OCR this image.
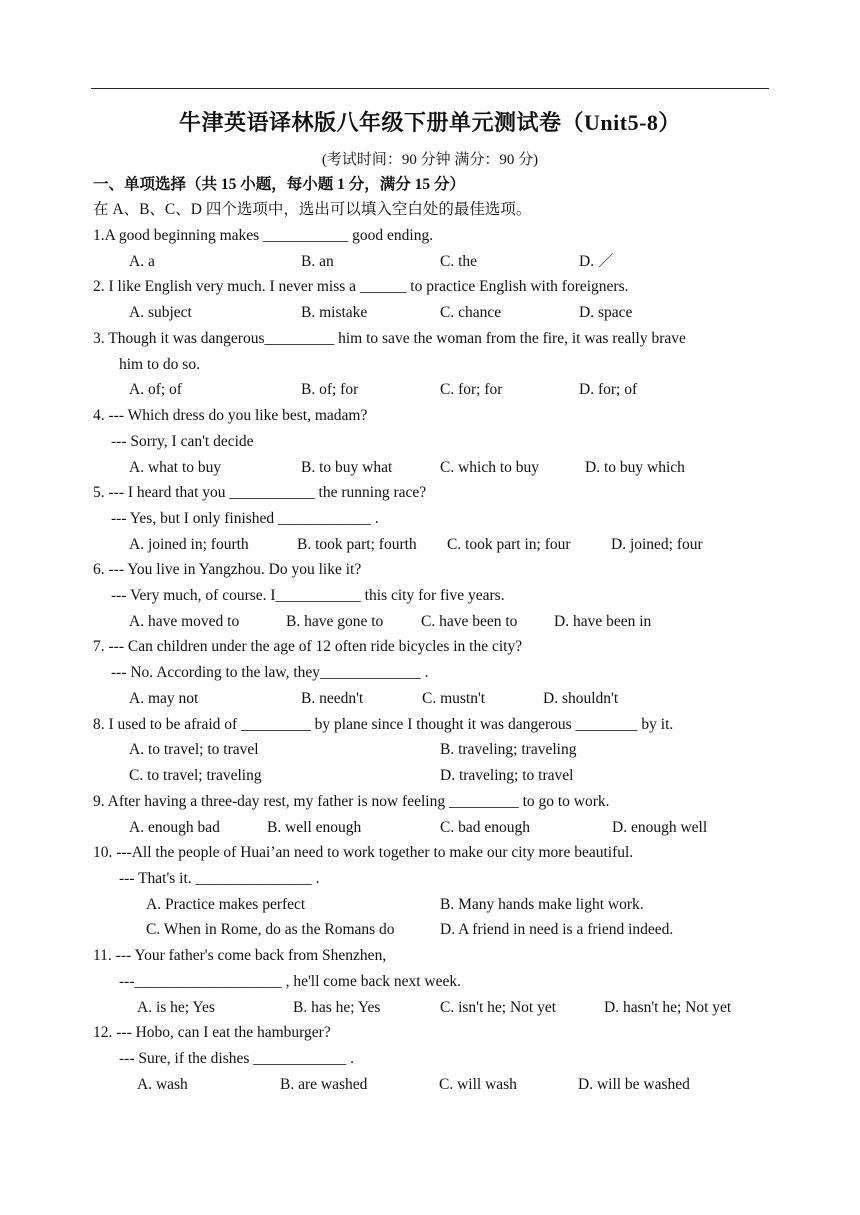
牛津英语译林版八年级下册单元测试卷（Unit5-8）
(考试时间：90 分钟 满分：90 分)
一、单项选择（共 15 小题，每小题 1 分，满分 15 分）
在 A、B、C、D 四个选项中，选出可以填入空白处的最佳选项。
1.A good beginning makes ___________ good ending.
A. a	B. an	C. the	D. ／
2. I like English very much. I never miss a ______ to practice English with foreigners.
A. subject	B. mistake	C. chance	D. space
3. Though it was dangerous_________ him to save the woman from the fire, it was really brave
him to do so.
A. of; of	B. of; for	C. for; for	D. for; of
4. --- Which dress do you like best, madam?
--- Sorry, I can't decide
A. what to buy	B. to buy what	C. which to buy	D. to buy which
5. --- I heard that you ___________ the running race?
--- Yes, but I only finished ____________ .
A. joined in; fourth	B. took part; fourth C. took part in; four	D. joined; four
6. --- You live in Yangzhou. Do you like it?
--- Very much, of course. I___________ this city for five years.
A. have moved to	B. have gone to C. have been to D. have been in
7. --- Can children under the age of 12 often ride bicycles in the city?
--- No. According to the law, they_____________ .
A. may not	B. needn't	C. mustn't	D. shouldn't
8. I used to be afraid of _________ by plane since I thought it was dangerous ________ by it.
A. to travel; to travel	B. traveling; traveling
C. to travel; traveling	D. traveling; to travel
9. After having a three-day rest, my father is now feeling _________ to go to work.
A. enough bad	B. well enough	C. bad enough	D. enough well
10. ---All the people of Huai’an need to work together to make our city more beautiful.
--- That's it. _______________ .
A. Practice makes perfect	B. Many hands make light work.
C. When in Rome, do as the Romans do	D. A friend in need is a friend indeed.
11. --- Your father's come back from Shenzhen,
---___________________ , he'll come back next week.
A. is he; Yes	B. has he; Yes	C. isn't he; Not yet	D. hasn't he; Not yet
12. --- Hobo, can I eat the hamburger?
--- Sure, if the dishes ____________ .
A. wash	B. are washed	C. will wash	D. will be washed
